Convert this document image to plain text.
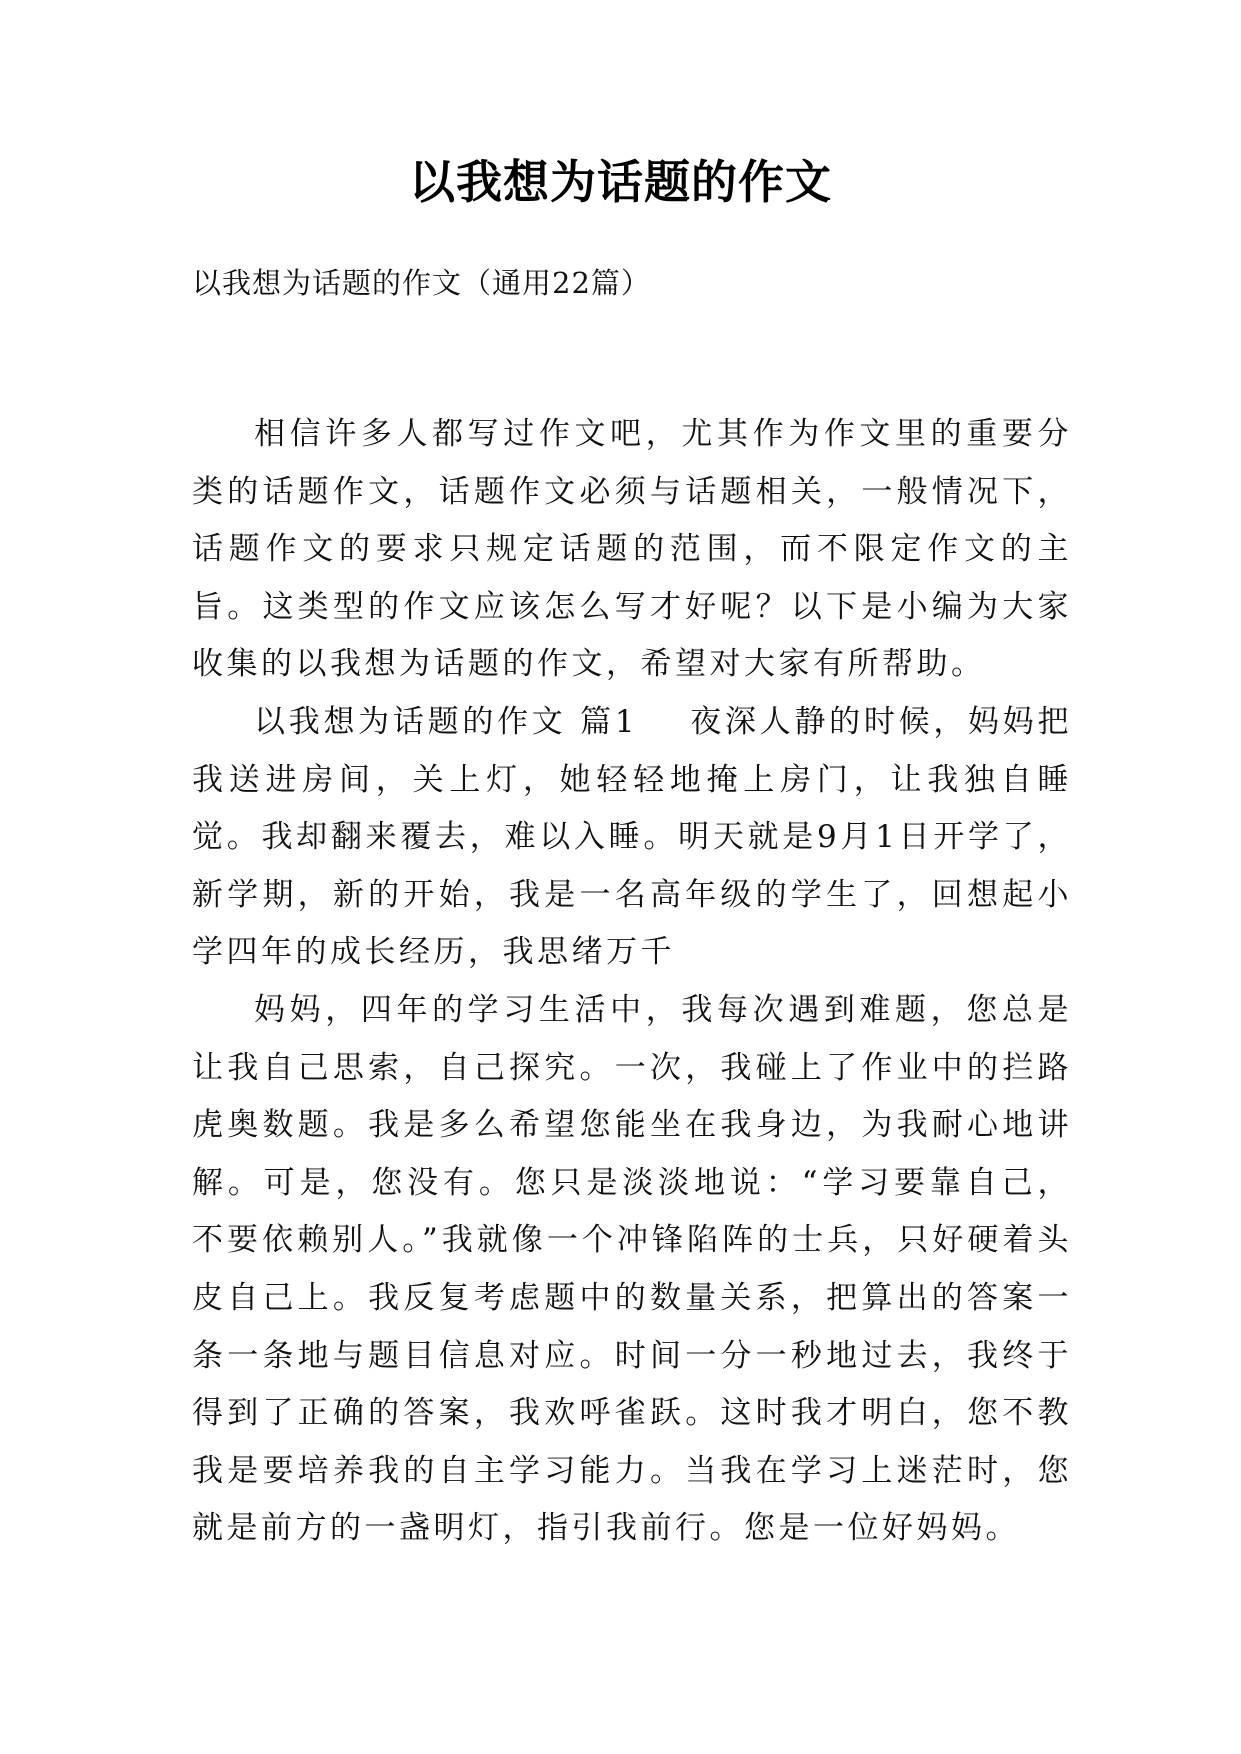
以我想为话题的作文
以我想为话题的作文（通用22篇）

相信许多人都写过作文吧，尤其作为作文里的重要分类的话题作文，话题作文必须与话题相关，一般情况下，话题作文的要求只规定话题的范围，而不限定作文的主旨。这类型的作文应该怎么写才好呢？以下是小编为大家收集的以我想为话题的作文，希望对大家有所帮助。

以我想为话题的作文 篇1 夜深人静的时候，妈妈把我送进房间，关上灯，她轻轻地掩上房门，让我独自睡觉。我却翻来覆去，难以入睡。明天就是9月1日开学了，新学期，新的开始，我是一名高年级的学生了，回想起小学四年的成长经历，我思绪万千

妈妈，四年的学习生活中，我每次遇到难题，您总是让我自己思索，自己探究。一次，我碰上了作业中的拦路虎奥数题。我是多么希望您能坐在我身边，为我耐心地讲解。可是，您没有。您只是淡淡地说：“学习要靠自己，不要依赖别人。”我就像一个冲锋陷阵的士兵，只好硬着头皮自己上。我反复考虑题中的数量关系，把算出的答案一条一条地与题目信息对应。时间一分一秒地过去，我终于得到了正确的答案，我欢呼雀跃。这时我才明白，您不教我是要培养我的自主学习能力。当我在学习上迷茫时，您就是前方的一盏明灯，指引我前行。您是一位好妈妈。
